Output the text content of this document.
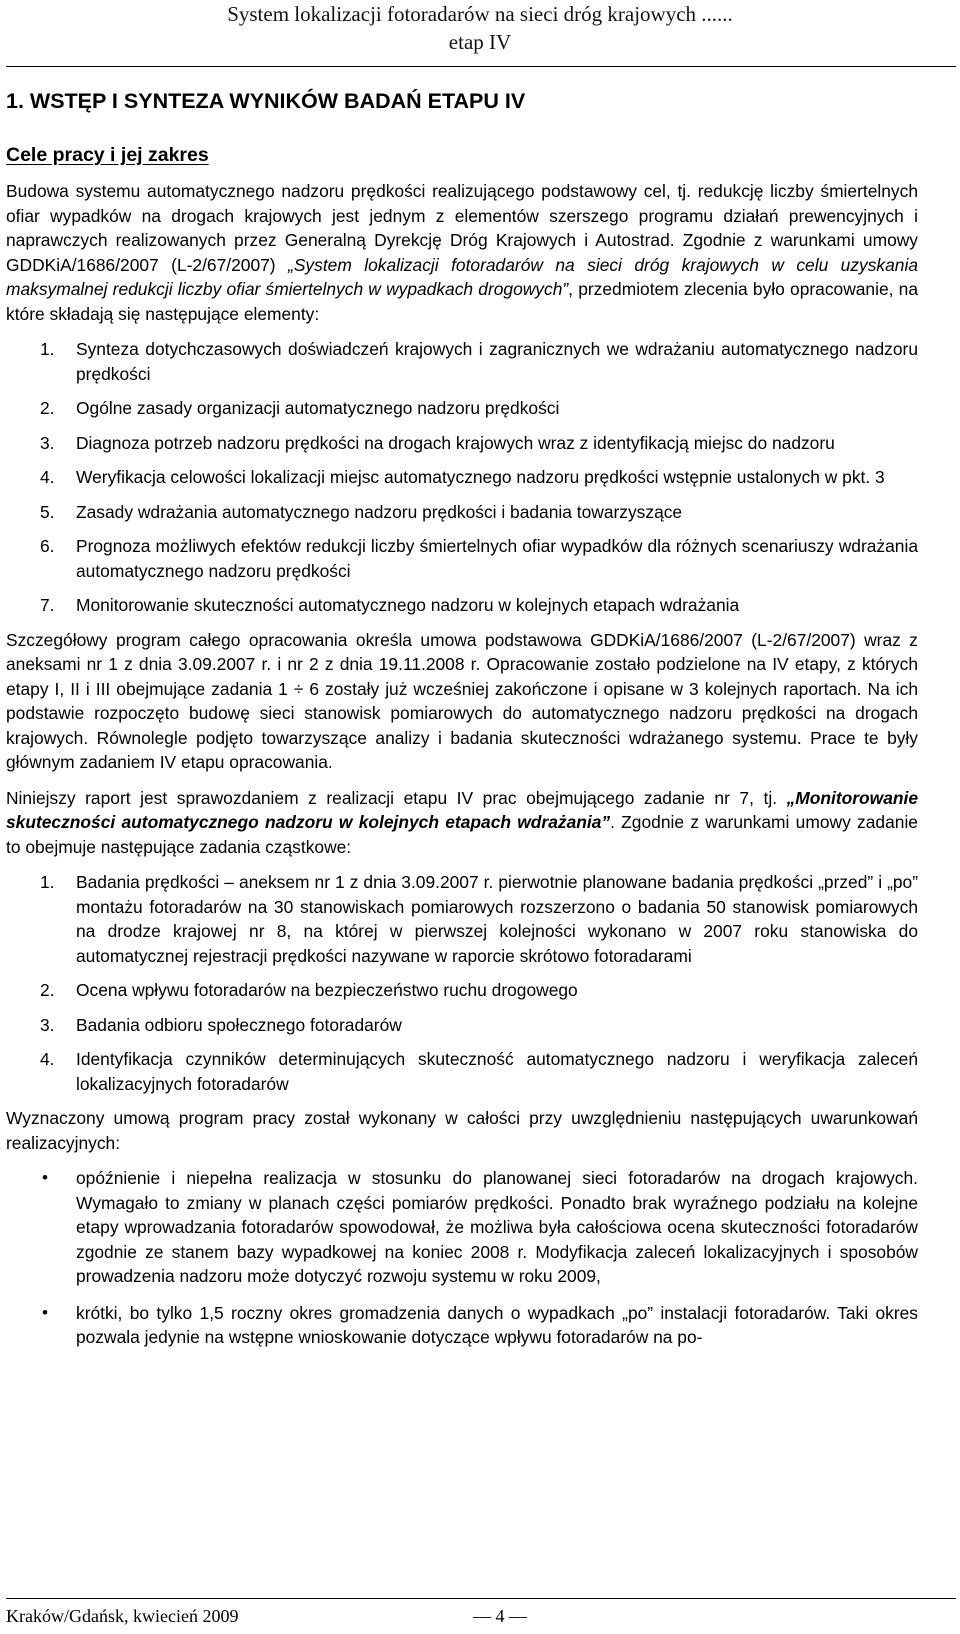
System lokalizacji fotoradarów na sieci dróg krajowych ......
etap IV
1. WSTĘP I SYNTEZA WYNIKÓW BADAŃ ETAPU IV
Cele pracy i jej zakres

Budowa systemu automatycznego nadzoru prędkości realizującego podstawowy cel, tj. redukcję liczby śmiertelnych ofiar wypadków na drogach krajowych jest jednym z elementów szerszego programu działań prewencyjnych i naprawczych realizowanych przez Generalną Dyrekcję Dróg Krajowych i Autostrad. Zgodnie z warunkami umowy GDDKiA/1686/2007 (L-2/67/2007) „System lokalizacji fotoradarów na sieci dróg krajowych w celu uzyskania maksymalnej redukcji liczby ofiar śmiertelnych w wypadkach drogowych”, przedmiotem zlecenia było opracowanie, na które składają się następujące elementy:

1. Synteza dotychczasowych doświadczeń krajowych i zagranicznych we wdrażaniu automatycznego nadzoru prędkości
2. Ogólne zasady organizacji automatycznego nadzoru prędkości
3. Diagnoza potrzeb nadzoru prędkości na drogach krajowych wraz z identyfikacją miejsc do nadzoru
4. Weryfikacja celowości lokalizacji miejsc automatycznego nadzoru prędkości wstępnie ustalonych w pkt. 3
5. Zasady wdrażania automatycznego nadzoru prędkości i badania towarzyszące
6. Prognoza możliwych efektów redukcji liczby śmiertelnych ofiar wypadków dla różnych scenariuszy wdrażania automatycznego nadzoru prędkości
7. Monitorowanie skuteczności automatycznego nadzoru w kolejnych etapach wdrażania

Szczegółowy program całego opracowania określa umowa podstawowa GDDKiA/1686/2007 (L-2/67/2007) wraz z aneksami nr 1 z dnia 3.09.2007 r. i nr 2 z dnia 19.11.2008 r. Opracowanie zostało podzielone na IV etapy, z których etapy I, II i III obejmujące zadania 1 ÷ 6 zostały już wcześniej zakończone i opisane w 3 kolejnych raportach. Na ich podstawie rozpoczęto budowę sieci stanowisk pomiarowych do automatycznego nadzoru prędkości na drogach krajowych. Równolegle podjęto towarzyszące analizy i badania skuteczności wdrażanego systemu. Prace te były głównym zadaniem IV etapu opracowania.

Niniejszy raport jest sprawozdaniem z realizacji etapu IV prac obejmującego zadanie nr 7, tj. „Monitorowanie skuteczności automatycznego nadzoru w kolejnych etapach wdrażania”. Zgodnie z warunkami umowy zadanie to obejmuje następujące zadania cząstkowe:

1. Badania prędkości – aneksem nr 1 z dnia 3.09.2007 r. pierwotnie planowane badania prędkości „przed” i „po” montażu fotoradarów na 30 stanowiskach pomiarowych rozszerzono o badania 50 stanowisk pomiarowych na drodze krajowej nr 8, na której w pierwszej kolejności wykonano w 2007 roku stanowiska do automatycznej rejestracji prędkości nazywane w raporcie skrótowo fotoradarami
2. Ocena wpływu fotoradarów na bezpieczeństwo ruchu drogowego
3. Badania odbioru społecznego fotoradarów
4. Identyfikacja czynników determinujących skuteczność automatycznego nadzoru i weryfikacja zaleceń lokalizacyjnych fotoradarów

Wyznaczony umową program pracy został wykonany w całości przy uwzględnieniu następujących uwarunkowań realizacyjnych:

• opóźnienie i niepełna realizacja w stosunku do planowanej sieci fotoradarów na drogach krajowych. Wymagało to zmiany w planach części pomiarów prędkości. Ponadto brak wyraźnego podziału na kolejne etapy wprowadzania fotoradarów spowodował, że możliwa była całościowa ocena skuteczności fotoradarów zgodnie ze stanem bazy wypadkowej na koniec 2008 r. Modyfikacja zaleceń lokalizacyjnych i sposobów prowadzenia nadzoru może dotyczyć rozwoju systemu w roku 2009,
• krótki, bo tylko 1,5 roczny okres gromadzenia danych o wypadkach „po” instalacji fotoradarów. Taki okres pozwala jedynie na wstępne wnioskowanie dotyczące wpływu fotoradarów na po-
Kraków/Gdańsk, kwiecień 2009	— 4 —
